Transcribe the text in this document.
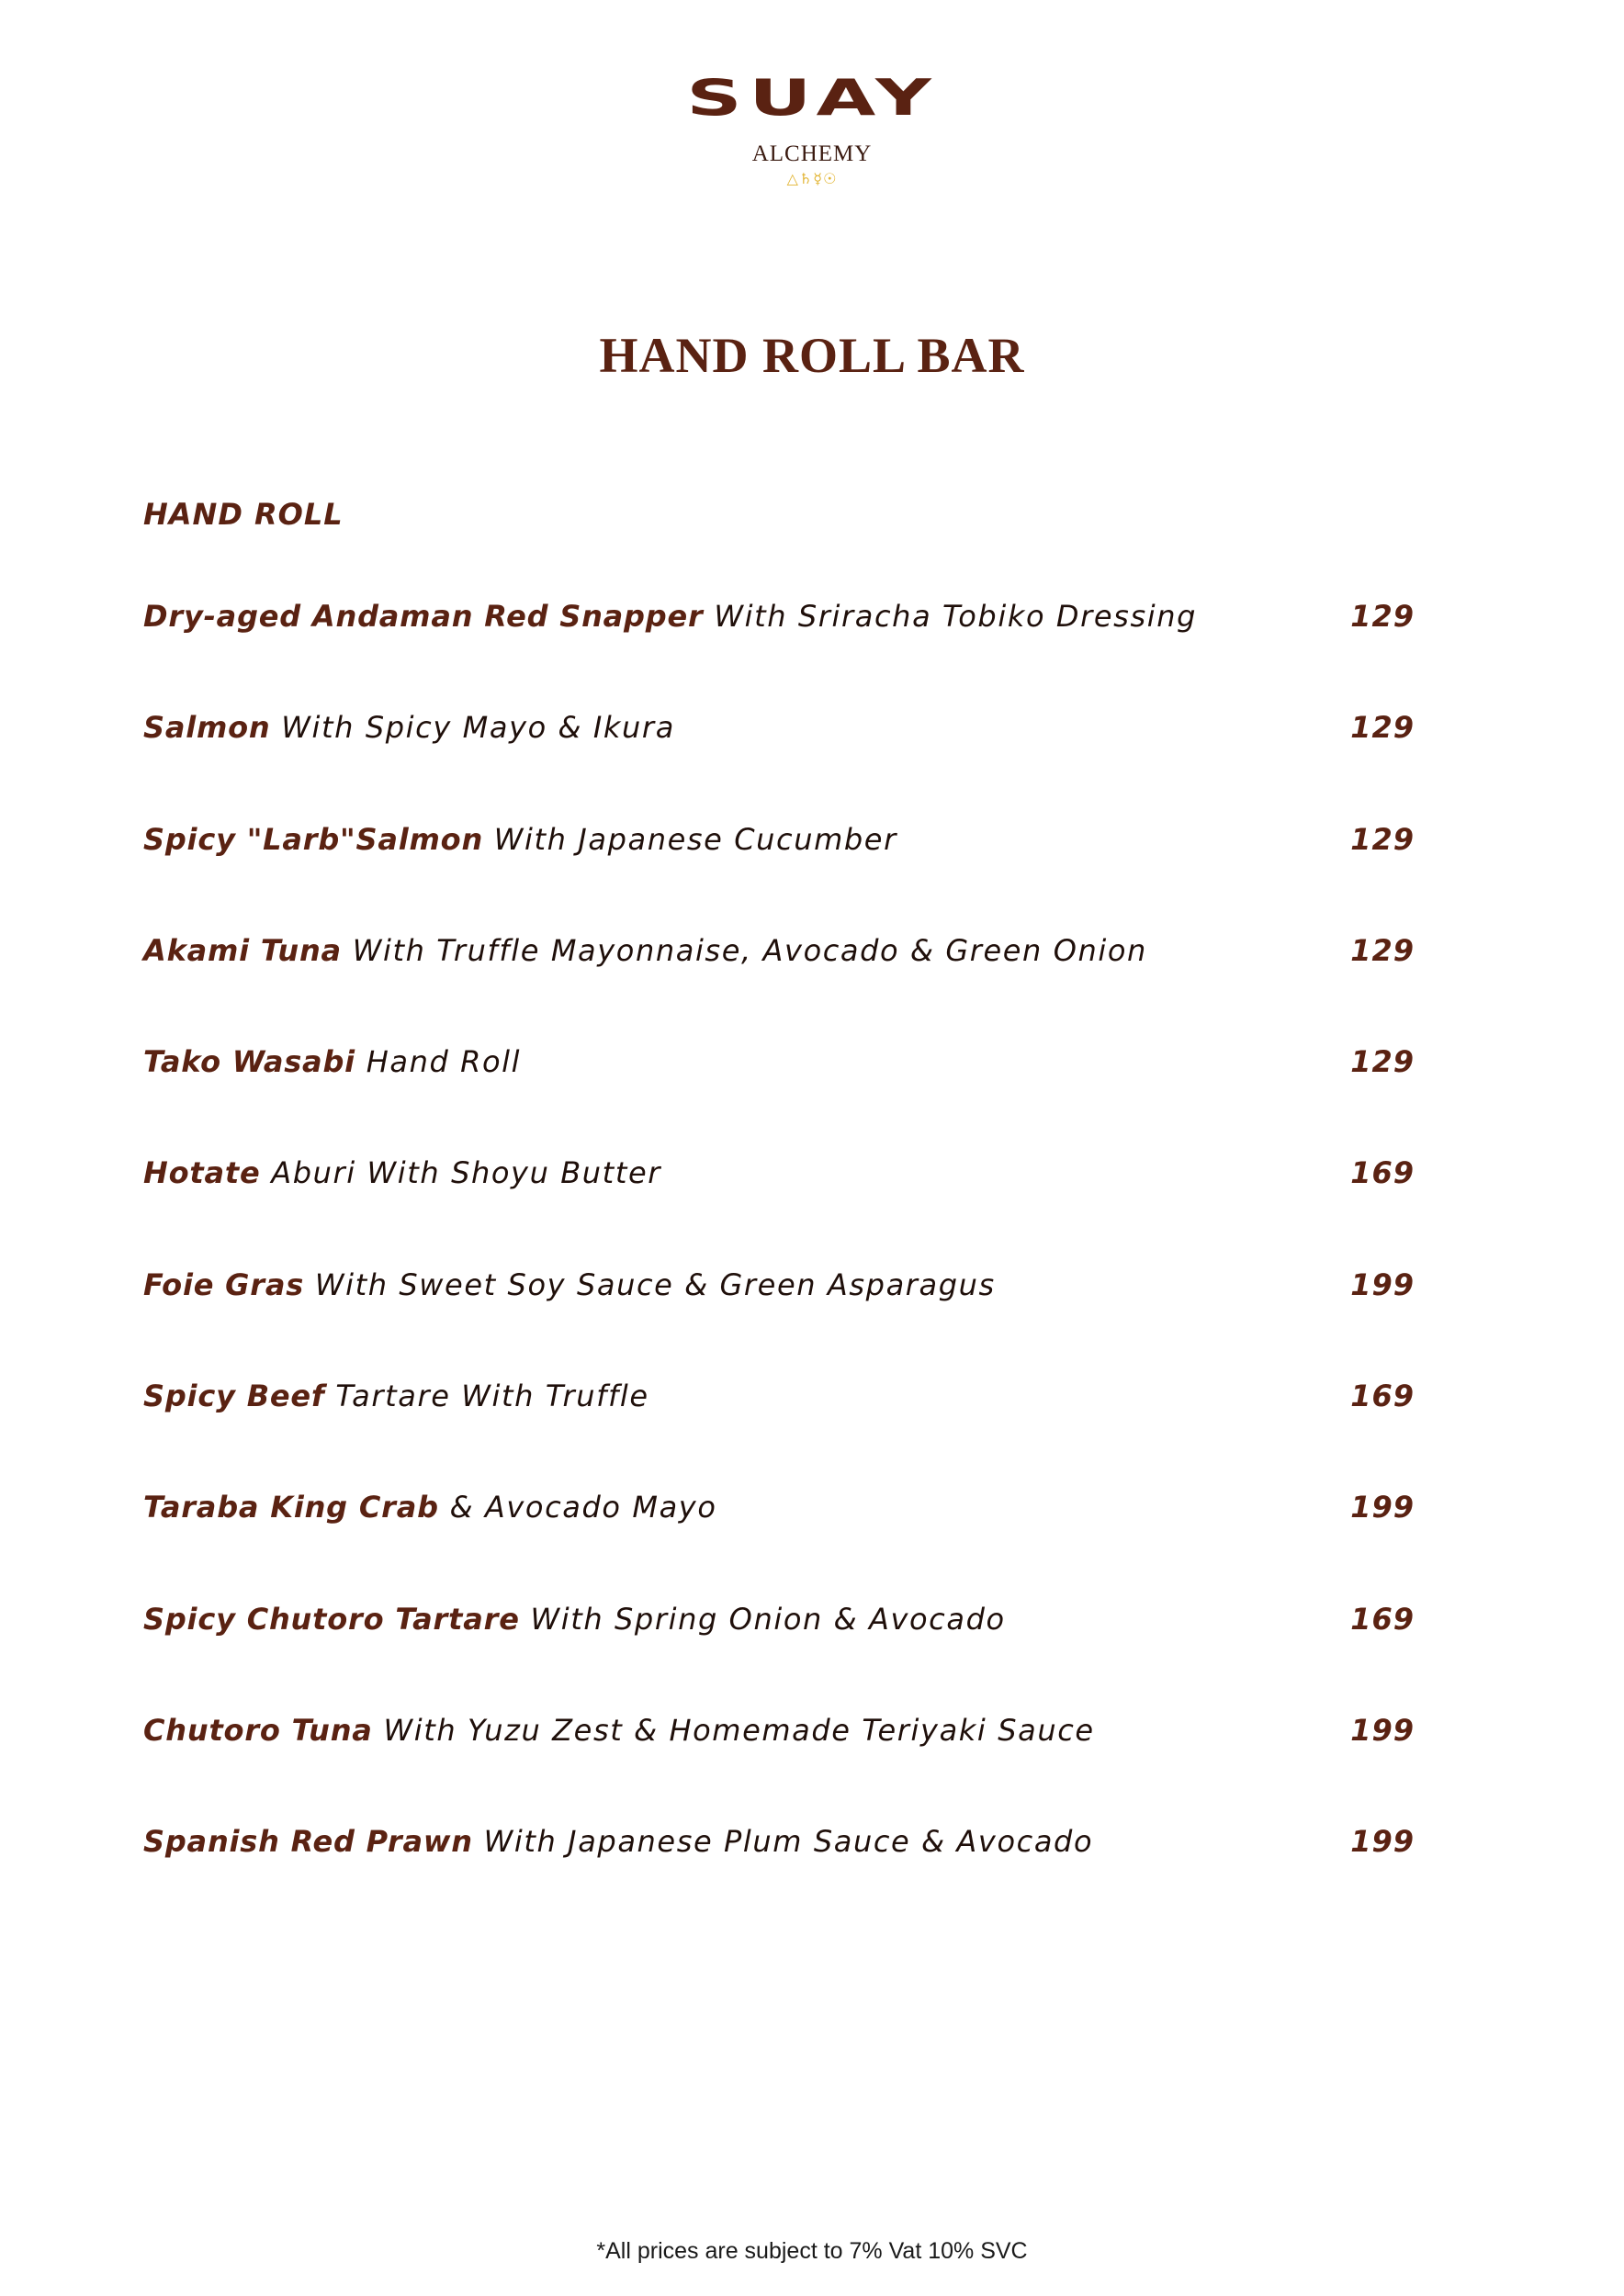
SUAY
ALCHEMY
△♄☿☉
HAND ROLL BAR
HAND ROLL
Dry-aged Andaman Red Snapper With Sriracha Tobiko Dressing	129
Salmon With Spicy Mayo & Ikura	129
Spicy "Larb"Salmon With Japanese Cucumber	129
Akami Tuna With Truffle Mayonnaise, Avocado & Green Onion	129
Tako Wasabi Hand Roll	129
Hotate Aburi With Shoyu Butter	169
Foie Gras With Sweet Soy Sauce & Green Asparagus	199
Spicy Beef Tartare With Truffle	169
Taraba King Crab & Avocado Mayo	199
Spicy Chutoro Tartare With Spring Onion & Avocado	169
Chutoro Tuna With Yuzu Zest & Homemade Teriyaki Sauce	199
Spanish Red Prawn With Japanese Plum Sauce & Avocado	199
*All prices are subject to 7% Vat 10% SVC
